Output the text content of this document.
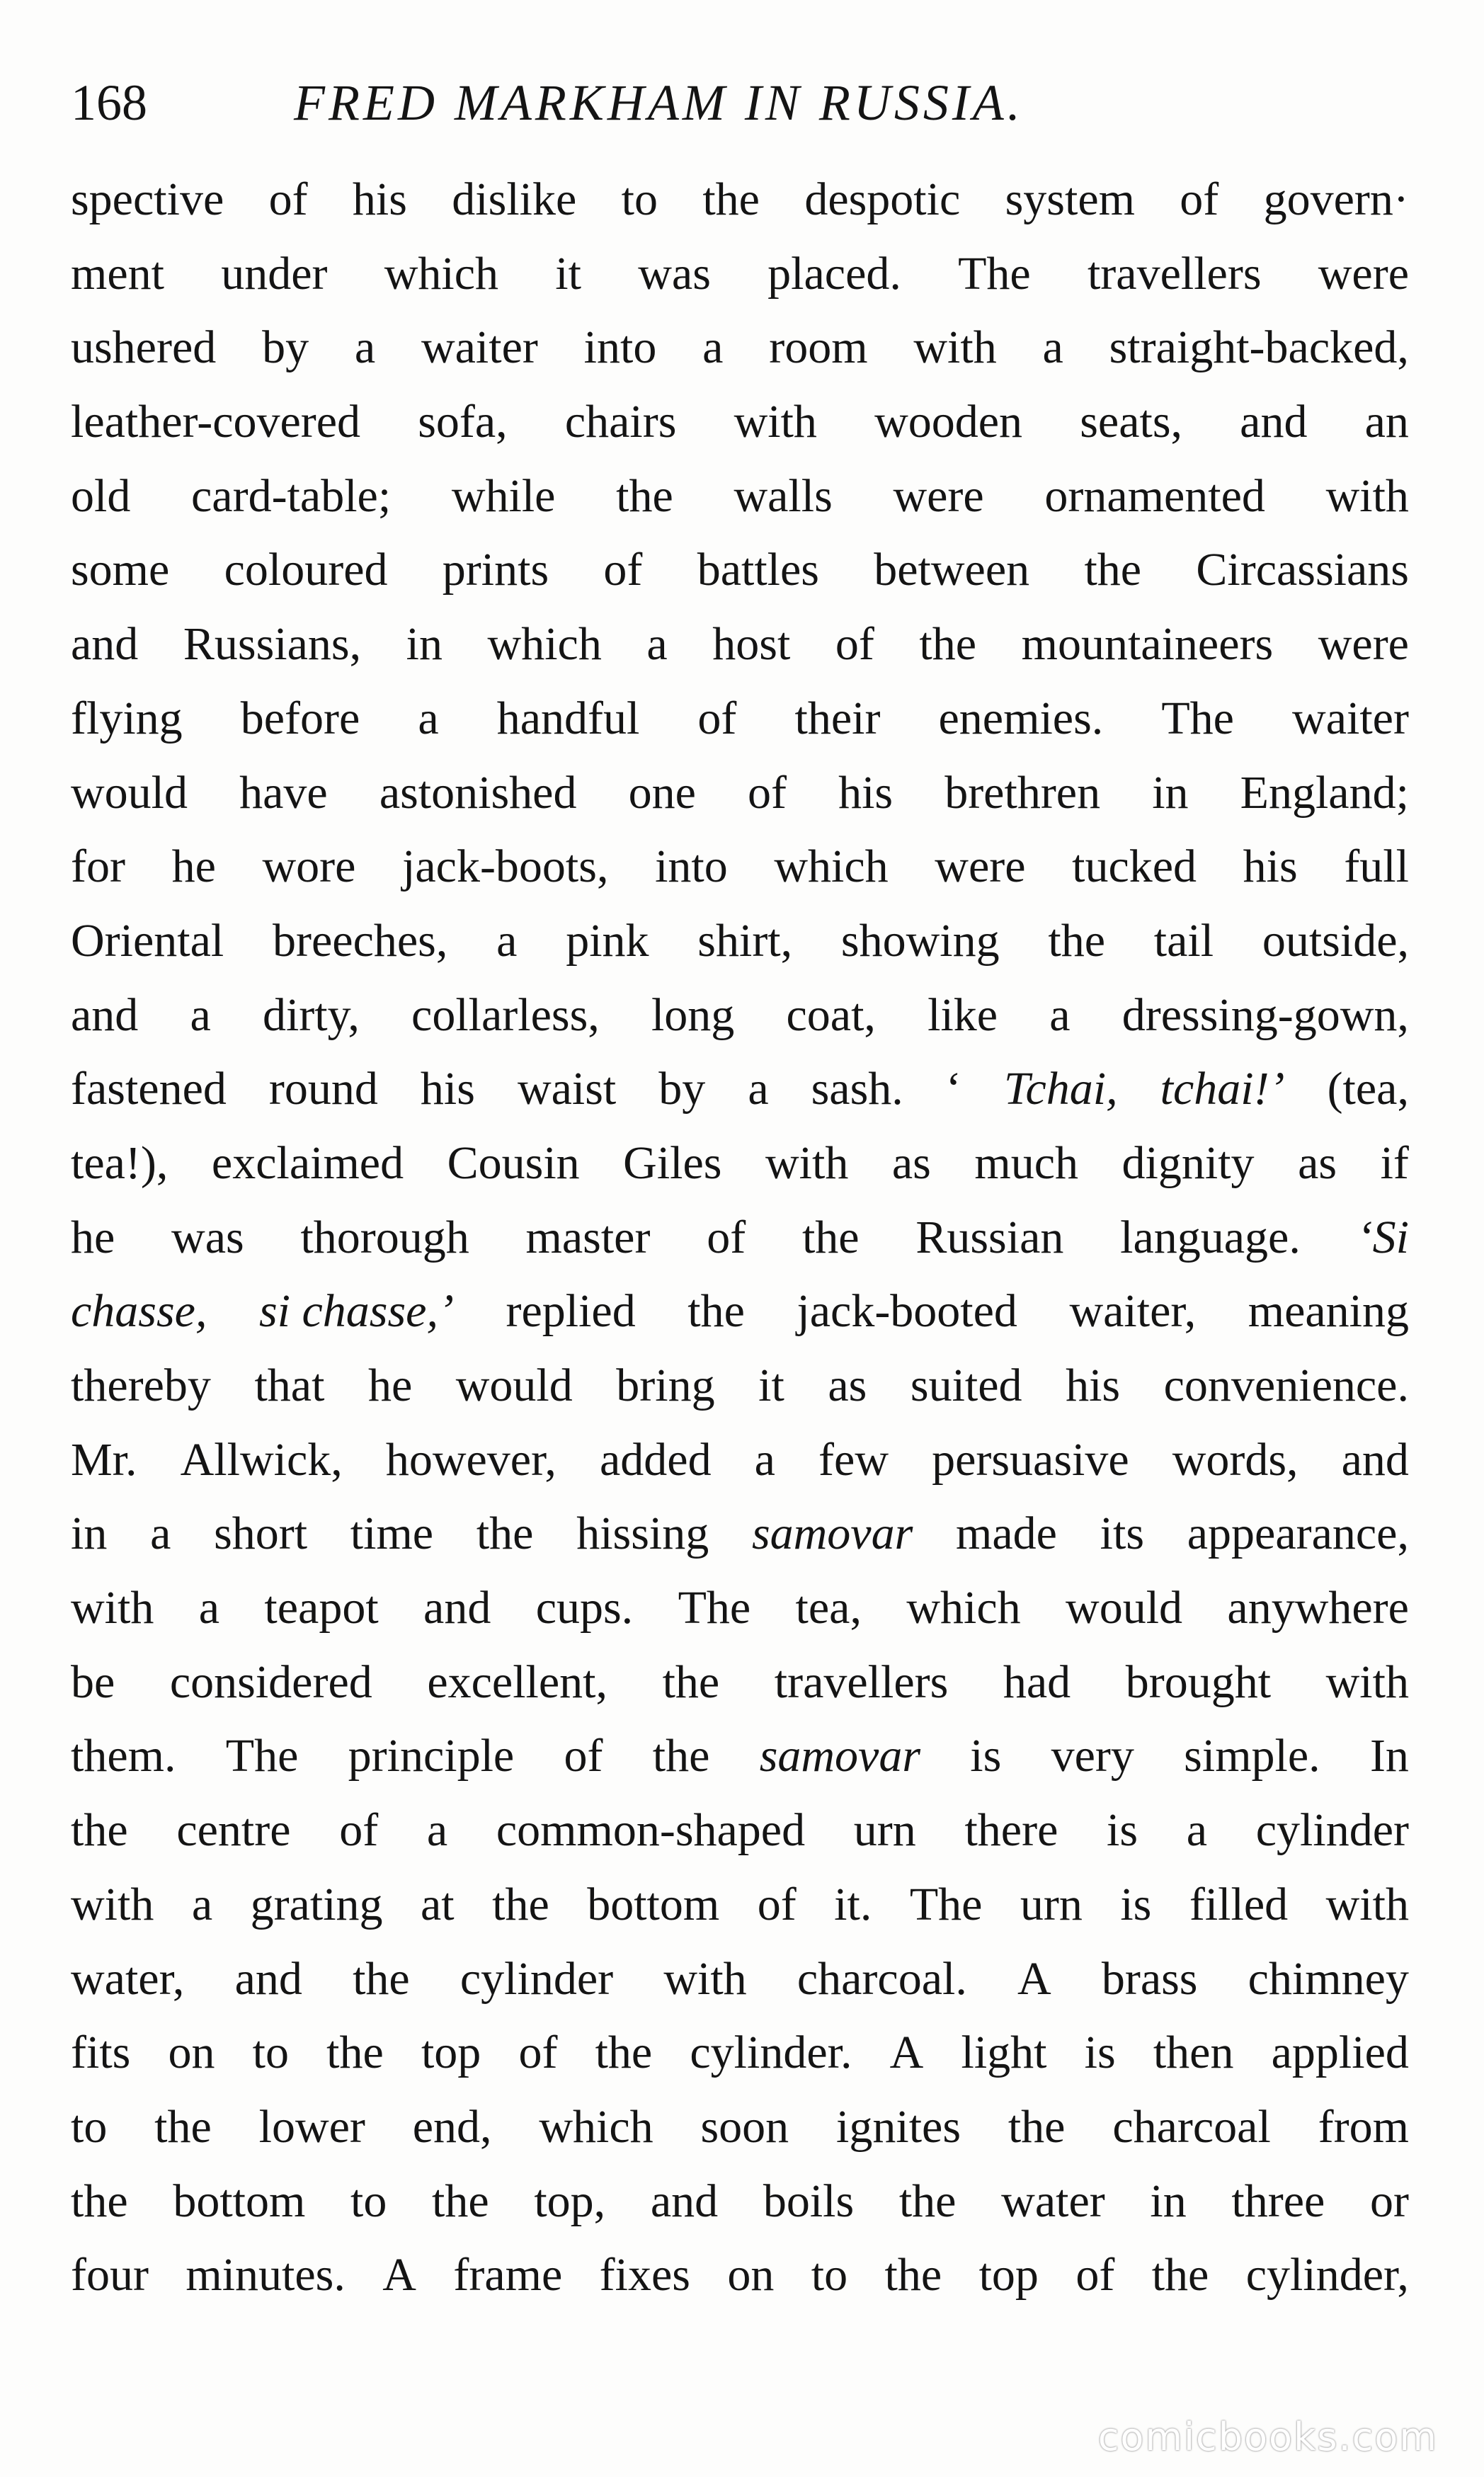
168	FRED MARKHAM IN RUSSIA.
spective of his dislike to the despotic system of govern·
ment under which it was placed. The travellers were
ushered by a waiter into a room with a straight-backed,
leather-covered sofa, chairs with wooden seats, and an
old card-table; while the walls were ornamented with
some coloured prints of battles between the Circassians
and Russians, in which a host of the mountaineers were
flying before a handful of their enemies. The waiter
would have astonished one of his brethren in England;
for he wore jack-boots, into which were tucked his full
Oriental breeches, a pink shirt, showing the tail outside,
and a dirty, collarless, long coat, like a dressing-gown,
fastened round his waist by a sash. ‘ Tchai, tchai!’ (tea,
tea!), exclaimed Cousin Giles with as much dignity as if
he was thorough master of the Russian language. ‘Si
chasse, si chasse,’ replied the jack-booted waiter, meaning
thereby that he would bring it as suited his convenience.
Mr. Allwick, however, added a few persuasive words, and
in a short time the hissing samovar made its appearance,
with a teapot and cups. The tea, which would anywhere
be considered excellent, the travellers had brought with
them. The principle of the samovar is very simple. In
the centre of a common-shaped urn there is a cylinder
with a grating at the bottom of it. The urn is filled with
water, and the cylinder with charcoal. A brass chimney
fits on to the top of the cylinder. A light is then applied
to the lower end, which soon ignites the charcoal from
the bottom to the top, and boils the water in three or
four minutes. A frame fixes on to the top of the cylinder,
comicbooks.com
